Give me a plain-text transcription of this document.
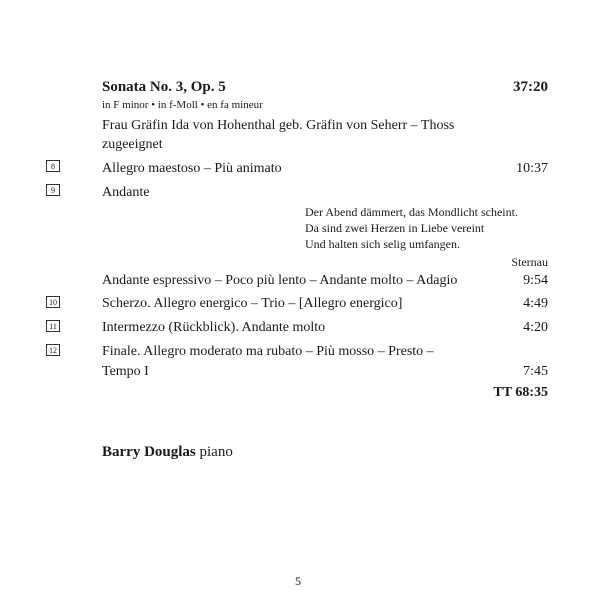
Sonata No. 3, Op. 5	37:20
in F minor • in f-Moll • en fa mineur
Frau Gräfin Ida von Hohenthal geb. Gräfin von Seherr – Thoss
zugeeignet
8	Allegro maestoso – Più animato	10:37
9	Andante
Der Abend dämmert, das Mondlicht scheint.
Da sind zwei Herzen in Liebe vereint
Und halten sich selig umfangen.
Sternau
Andante espressivo – Poco più lento – Andante molto – Adagio	9:54
10	Scherzo. Allegro energico – Trio – [Allegro energico]	4:49
11	Intermezzo (Rückblick). Andante molto	4:20
12	Finale. Allegro moderato ma rubato – Più mosso – Presto –
Tempo I	7:45
TT 68:35
Barry Douglas piano
5
